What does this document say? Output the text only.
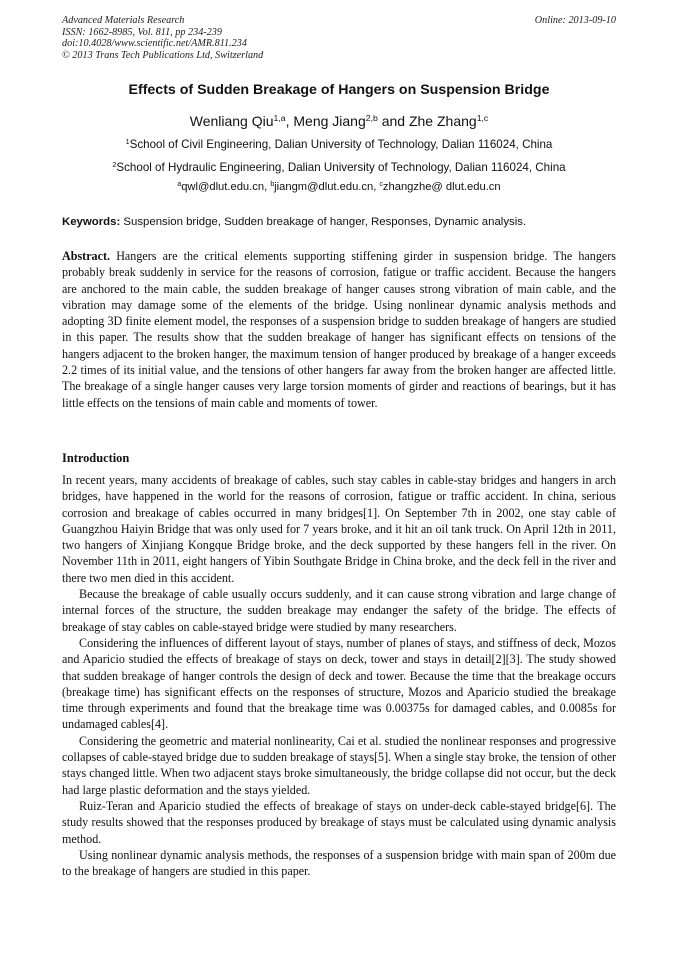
Advanced Materials Research
ISSN: 1662-8985, Vol. 811, pp 234-239
doi:10.4028/www.scientific.net/AMR.811.234
© 2013 Trans Tech Publications Ltd, Switzerland
Online: 2013-09-10
Effects of Sudden Breakage of Hangers on Suspension Bridge
Wenliang Qiu$^{1,a}$, Meng Jiang$^{2,b}$ and Zhe Zhang$^{1,c}$
$^1$School of Civil Engineering, Dalian University of Technology, Dalian 116024, China
$^2$School of Hydraulic Engineering, Dalian University of Technology, Dalian 116024, China
$^a$qwl@dlut.edu.cn, $^b$jiangm@dlut.edu.cn, $^c$zhangzhe@ dlut.edu.cn
Keywords: Suspension bridge, Sudden breakage of hanger, Responses, Dynamic analysis.

Abstract. Hangers are the critical elements supporting stiffening girder in suspension bridge. The hangers probably break suddenly in service for the reasons of corrosion, fatigue or traffic accident. Because the hangers are anchored to the main cable, the sudden breakage of hanger causes strong vibration of main cable, and the vibration may damage some of the elements of the bridge. Using nonlinear dynamic analysis methods and adopting 3D finite element model, the responses of a suspension bridge to sudden breakage of hangers are studied in this paper. The results show that the sudden breakage of hanger has significant effects on tensions of the hangers adjacent to the broken hanger, the maximum tension of hanger produced by breakage of a hanger exceeds 2.2 times of its initial value, and the tensions of other hangers far away from the broken hanger are affected little. The breakage of a single hanger causes very large torsion moments of girder and reactions of bearings, but it has little effects on the tensions of main cable and moments of tower.

Introduction

In recent years, many accidents of breakage of cables, such stay cables in cable-stay bridges and hangers in arch bridges, have happened in the world for the reasons of corrosion, fatigue or traffic accident. In china, serious corrosion and breakage of cables occurred in many bridges[1]. On September 7th in 2002, one stay cable of Guangzhou Haiyin Bridge that was only used for 7 years broke, and it hit an oil tank truck. On April 12th in 2011, two hangers of Xinjiang Kongque Bridge broke, and the deck supported by these hangers fell in the river. On November 11th in 2011, eight hangers of Yibin Southgate Bridge in China broke, and the deck fell in the river and there two men died in this accident.

Because the breakage of cable usually occurs suddenly, and it can cause strong vibration and large change of internal forces of the structure, the sudden breakage may endanger the safety of the bridge. The effects of breakage of stay cables on cable-stayed bridge were studied by many researchers.

Considering the influences of different layout of stays, number of planes of stays, and stiffness of deck, Mozos and Aparicio studied the effects of breakage of stays on deck, tower and stays in detail[2][3]. The study showed that sudden breakage of hanger controls the design of deck and tower. Because the time that the breakage occurs (breakage time) has significant effects on the responses of structure, Mozos and Aparicio studied the breakage time through experiments and found that the breakage time was 0.00375s for damaged cables, and 0.0085s for undamaged cables[4].

Considering the geometric and material nonlinearity, Cai et al. studied the nonlinear responses and progressive collapses of cable-stayed bridge due to sudden breakage of stays[5]. When a single stay broke, the tension of other stays changed little. When two adjacent stays broke simultaneously, the bridge collapse did not occur, but the deck had large plastic deformation and the stays yielded.

Ruiz-Teran and Aparicio studied the effects of breakage of stays on under-deck cable-stayed bridge[6]. The study results showed that the responses produced by breakage of stays must be calculated using dynamic analysis method.

Using nonlinear dynamic analysis methods, the responses of a suspension bridge with main span of 200m due to the breakage of hangers are studied in this paper.
